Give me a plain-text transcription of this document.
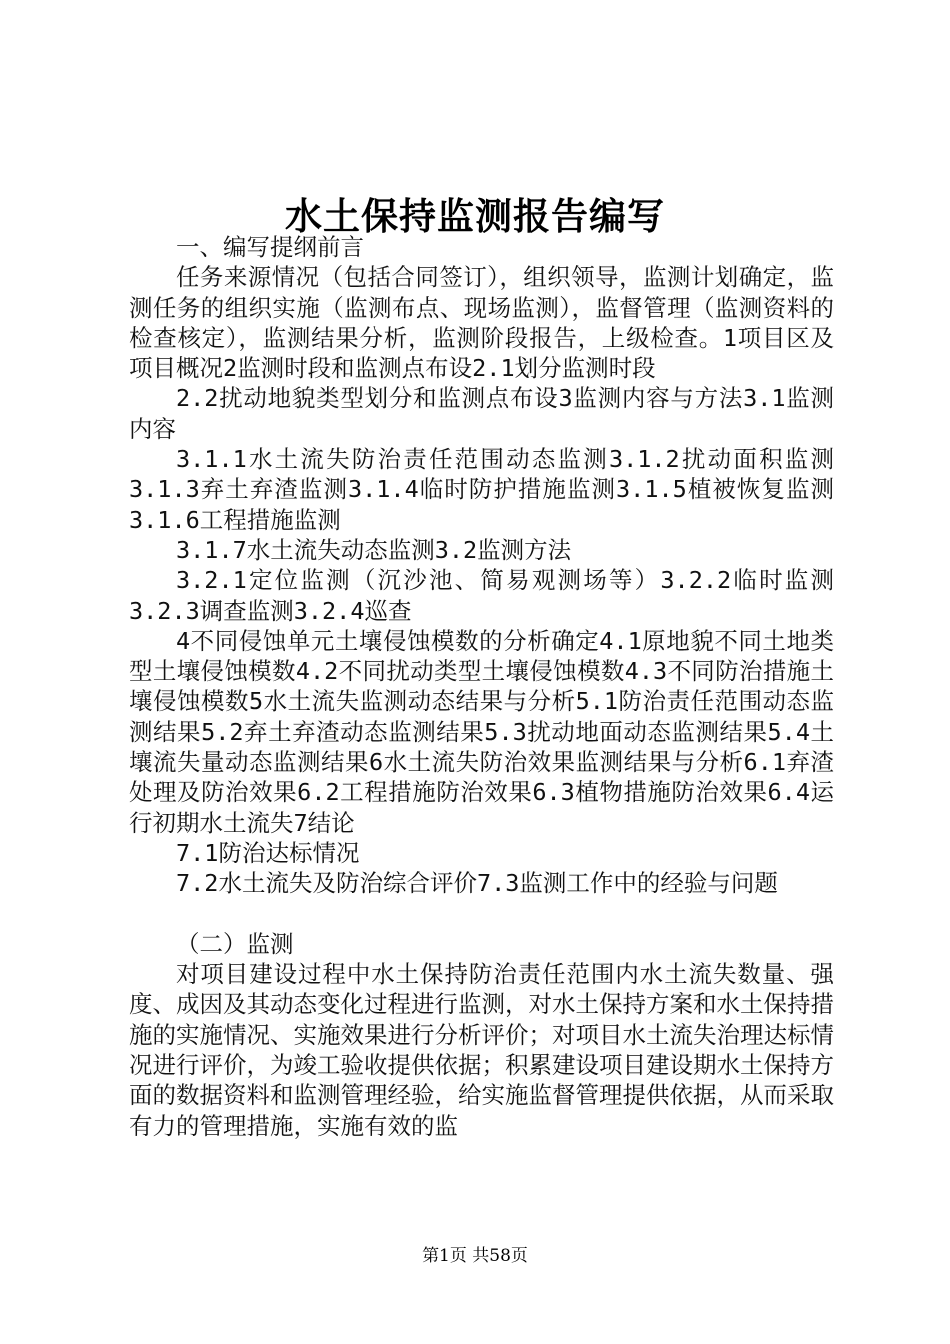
水土保持监测报告编写

一、编写提纲前言

任务来源情况（包括合同签订），组织领导，监测计划确定，监测任务的组织实施（监测布点、现场监测），监督管理（监测资料的检查核定），监测结果分析，监测阶段报告，上级检查。1项目区及项目概况2监测时段和监测点布设2.1划分监测时段

2.2扰动地貌类型划分和监测点布设3监测内容与方法3.1监测内容

3.1.1水土流失防治责任范围动态监测3.1.2扰动面积监测3.1.3弃土弃渣监测3.1.4临时防护措施监测3.1.5植被恢复监测3.1.6工程措施监测

3.1.7水土流失动态监测3.2监测方法

3.2.1定位监测（沉沙池、简易观测场等）3.2.2临时监测3.2.3调查监测3.2.4巡查

4不同侵蚀单元土壤侵蚀模数的分析确定4.1原地貌不同土地类型土壤侵蚀模数4.2不同扰动类型土壤侵蚀模数4.3不同防治措施土壤侵蚀模数5水土流失监测动态结果与分析5.1防治责任范围动态监测结果5.2弃土弃渣动态监测结果5.3扰动地面动态监测结果5.4土壤流失量动态监测结果6水土流失防治效果监测结果与分析6.1弃渣处理及防治效果6.2工程措施防治效果6.3植物措施防治效果6.4运行初期水土流失7结论

7.1防治达标情况

7.2水土流失及防治综合评价7.3监测工作中的经验与问题

（二）监测

对项目建设过程中水土保持防治责任范围内水土流失数量、强度、成因及其动态变化过程进行监测，对水土保持方案和水土保持措施的实施情况、实施效果进行分析评价；对项目水土流失治理达标情况进行评价，为竣工验收提供依据；积累建设项目建设期水土保持方面的数据资料和监测管理经验，给实施监督管理提供依据，从而采取有力的管理措施，实施有效的监

第1页 共58页
